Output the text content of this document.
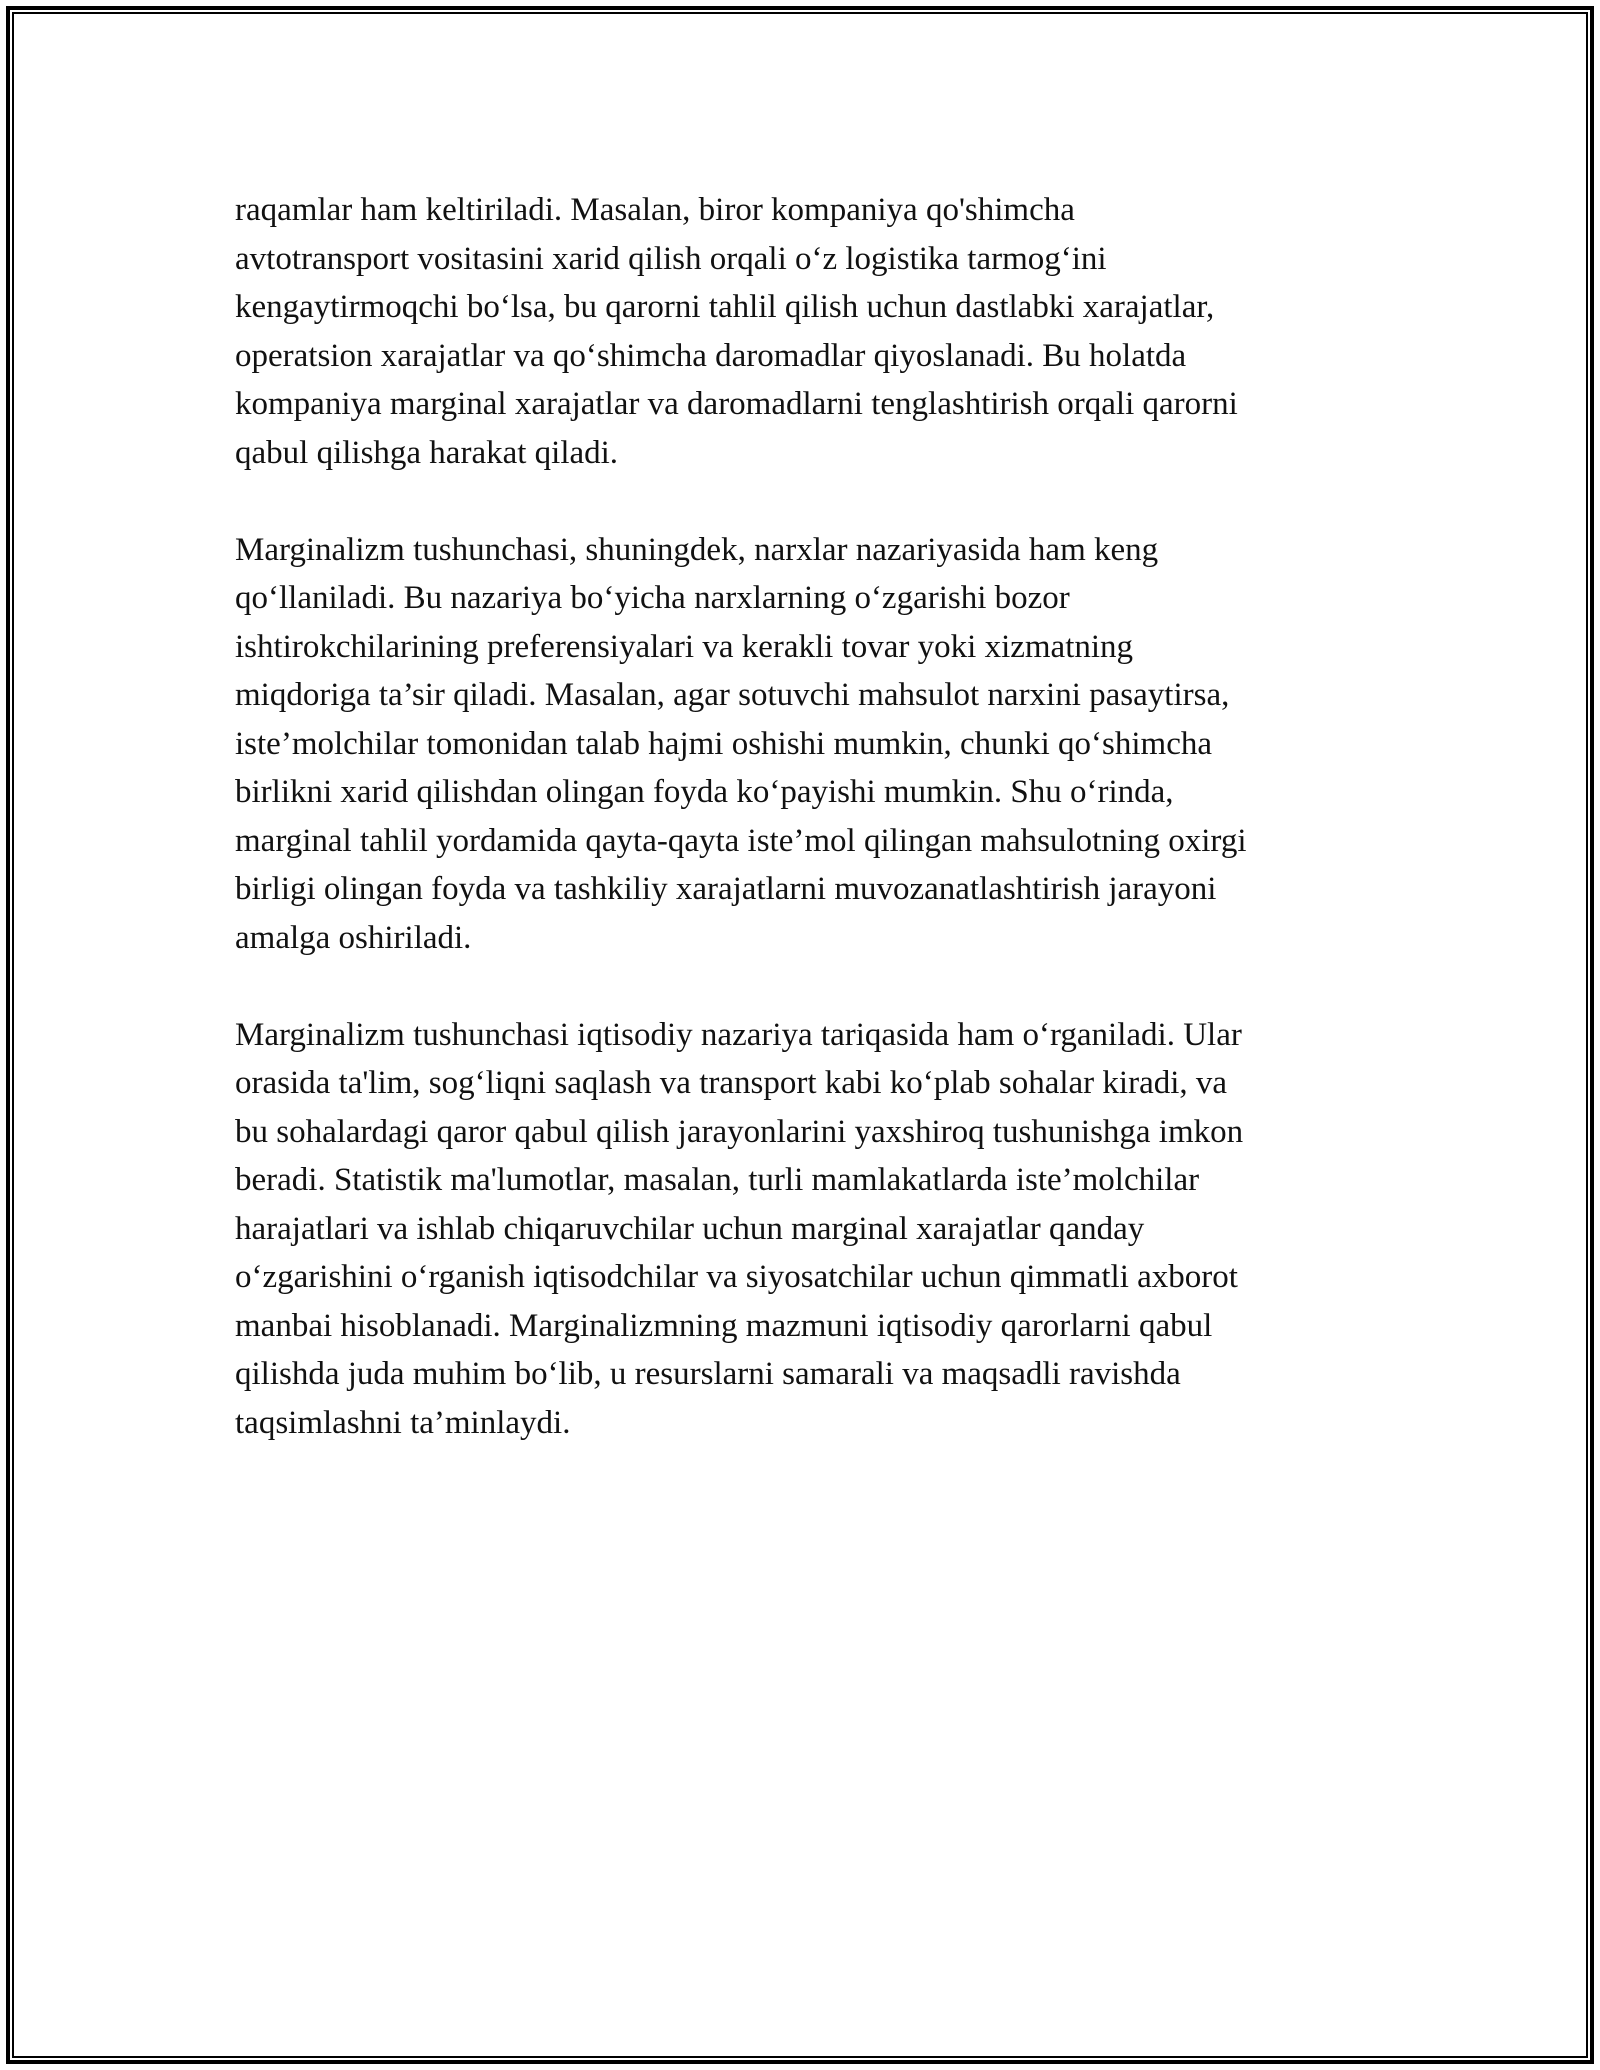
raqamlar ham keltiriladi. Masalan, biror kompaniya qo'shimcha
avtotransport vositasini xarid qilish orqali o‘z logistika tarmog‘ini
kengaytirmoqchi bo‘lsa, bu qarorni tahlil qilish uchun dastlabki xarajatlar,
operatsion xarajatlar va qo‘shimcha daromadlar qiyoslanadi. Bu holatda
kompaniya marginal xarajatlar va daromadlarni tenglashtirish orqali qarorni
qabul qilishga harakat qiladi.

Marginalizm tushunchasi, shuningdek, narxlar nazariyasida ham keng
qo‘llaniladi. Bu nazariya bo‘yicha narxlarning o‘zgarishi bozor
ishtirokchilarining preferensiyalari va kerakli tovar yoki xizmatning
miqdoriga ta’sir qiladi. Masalan, agar sotuvchi mahsulot narxini pasaytirsa,
iste’molchilar tomonidan talab hajmi oshishi mumkin, chunki qo‘shimcha
birlikni xarid qilishdan olingan foyda ko‘payishi mumkin. Shu o‘rinda,
marginal tahlil yordamida qayta-qayta iste’mol qilingan mahsulotning oxirgi
birligi olingan foyda va tashkiliy xarajatlarni muvozanatlashtirish jarayoni
amalga oshiriladi.

Marginalizm tushunchasi iqtisodiy nazariya tariqasida ham o‘rganiladi. Ular
orasida ta'lim, sog‘liqni saqlash va transport kabi ko‘plab sohalar kiradi, va
bu sohalardagi qaror qabul qilish jarayonlarini yaxshiroq tushunishga imkon
beradi. Statistik ma'lumotlar, masalan, turli mamlakatlarda iste’molchilar
harajatlari va ishlab chiqaruvchilar uchun marginal xarajatlar qanday
o‘zgarishini o‘rganish iqtisodchilar va siyosatchilar uchun qimmatli axborot
manbai hisoblanadi. Marginalizmning mazmuni iqtisodiy qarorlarni qabul
qilishda juda muhim bo‘lib, u resurslarni samarali va maqsadli ravishda
taqsimlashni ta’minlaydi.
